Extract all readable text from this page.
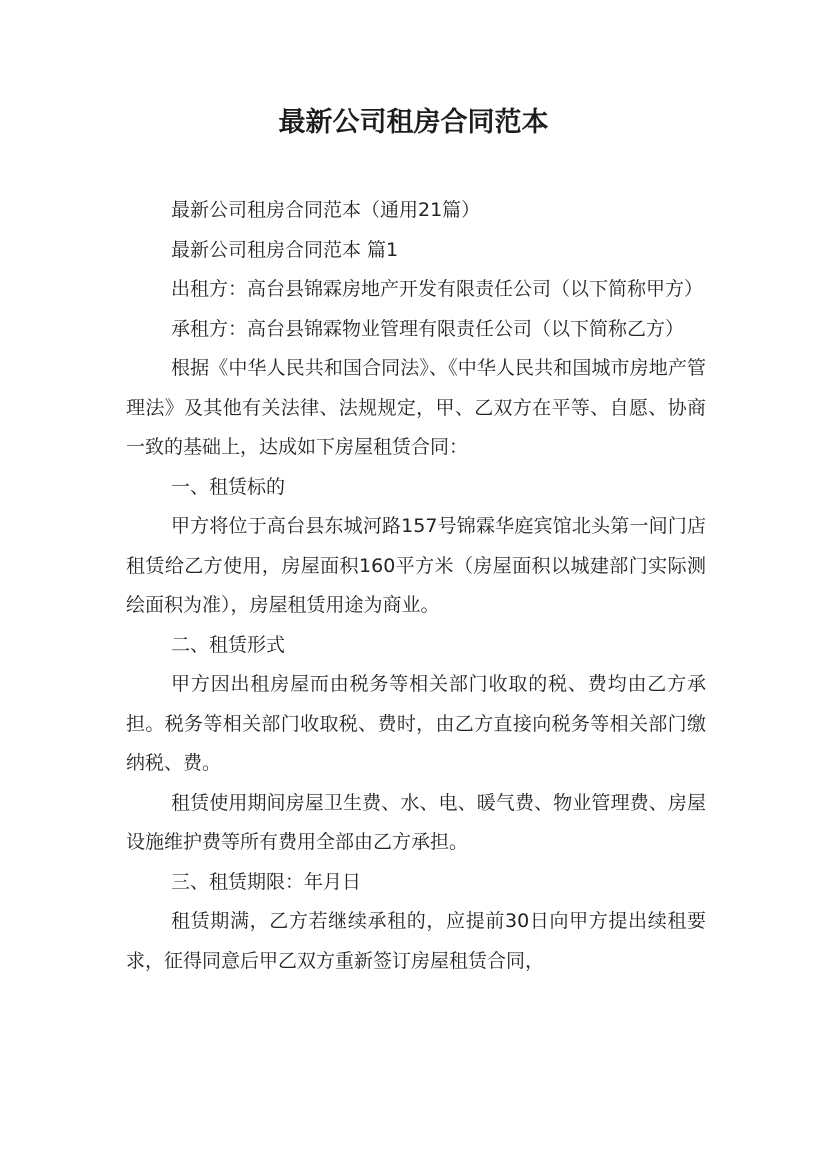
最新公司租房合同范本

最新公司租房合同范本（通用21篇）

最新公司租房合同范本 篇1

出租方：高台县锦霖房地产开发有限责任公司（以下简称甲方）

承租方：高台县锦霖物业管理有限责任公司（以下简称乙方）

根据《中华人民共和国合同法》、《中华人民共和国城市房地产管理法》及其他有关法律、法规规定，甲、乙双方在平等、自愿、协商一致的基础上，达成如下房屋租赁合同：

一、租赁标的

甲方将位于高台县东城河路157号锦霖华庭宾馆北头第一间门店租赁给乙方使用，房屋面积160平方米（房屋面积以城建部门实际测绘面积为准），房屋租赁用途为商业。

二、租赁形式

甲方因出租房屋而由税务等相关部门收取的税、费均由乙方承担。税务等相关部门收取税、费时，由乙方直接向税务等相关部门缴纳税、费。

租赁使用期间房屋卫生费、水、电、暖气费、物业管理费、房屋设施维护费等所有费用全部由乙方承担。

三、租赁期限：年月日

租赁期满，乙方若继续承租的，应提前30日向甲方提出续租要求，征得同意后甲乙双方重新签订房屋租赁合同，
